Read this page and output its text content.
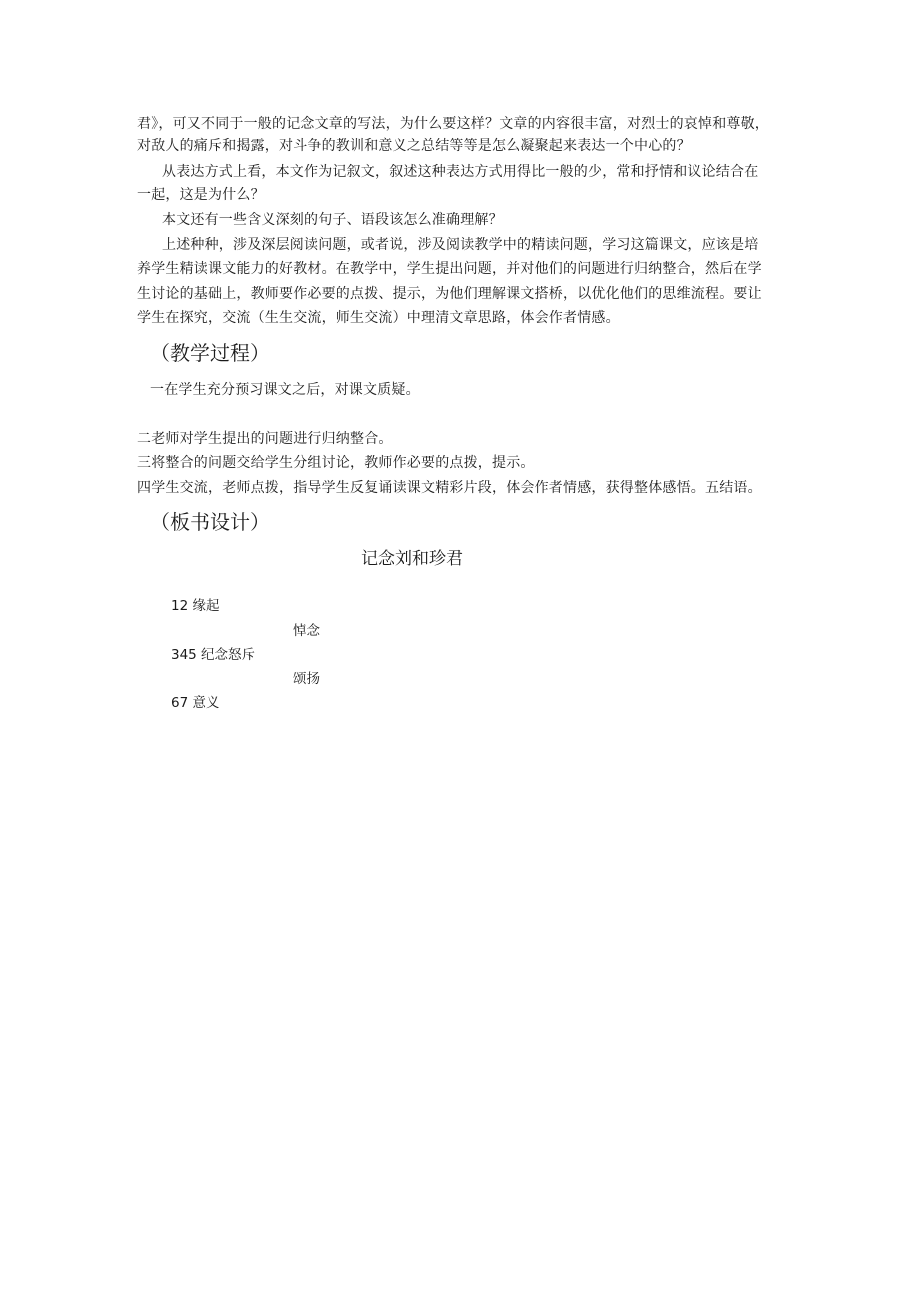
君》，可又不同于一般的记念文章的写法，为什么要这样？文章的内容很丰富，对烈士的哀悼和尊敬，
对敌人的痛斥和揭露，对斗争的教训和意义之总结等等是怎么凝聚起来表达一个中心的？
从表达方式上看，本文作为记叙文，叙述这种表达方式用得比一般的少，常和抒情和议论结合在
一起，这是为什么？
本文还有一些含义深刻的句子、语段该怎么准确理解？
上述种种，涉及深层阅读问题，或者说，涉及阅读教学中的精读问题，学习这篇课文，应该是培
养学生精读课文能力的好教材。在教学中，学生提出问题，并对他们的问题进行归纳整合，然后在学
生讨论的基础上，教师要作必要的点拨、提示，为他们理解课文搭桥，以优化他们的思维流程。要让
学生在探究，交流（生生交流，师生交流）中理清文章思路，体会作者情感。
（教学过程）
一在学生充分预习课文之后，对课文质疑。
二老师对学生提出的问题进行归纳整合。
三将整合的问题交给学生分组讨论，教师作必要的点拨，提示。
四学生交流，老师点拨，指导学生反复诵读课文精彩片段，体会作者情感，获得整体感悟。五结语。
（板书设计）
记念刘和珍君
12 缘起
悼念
345 纪念怒斥
颂扬
67 意义
